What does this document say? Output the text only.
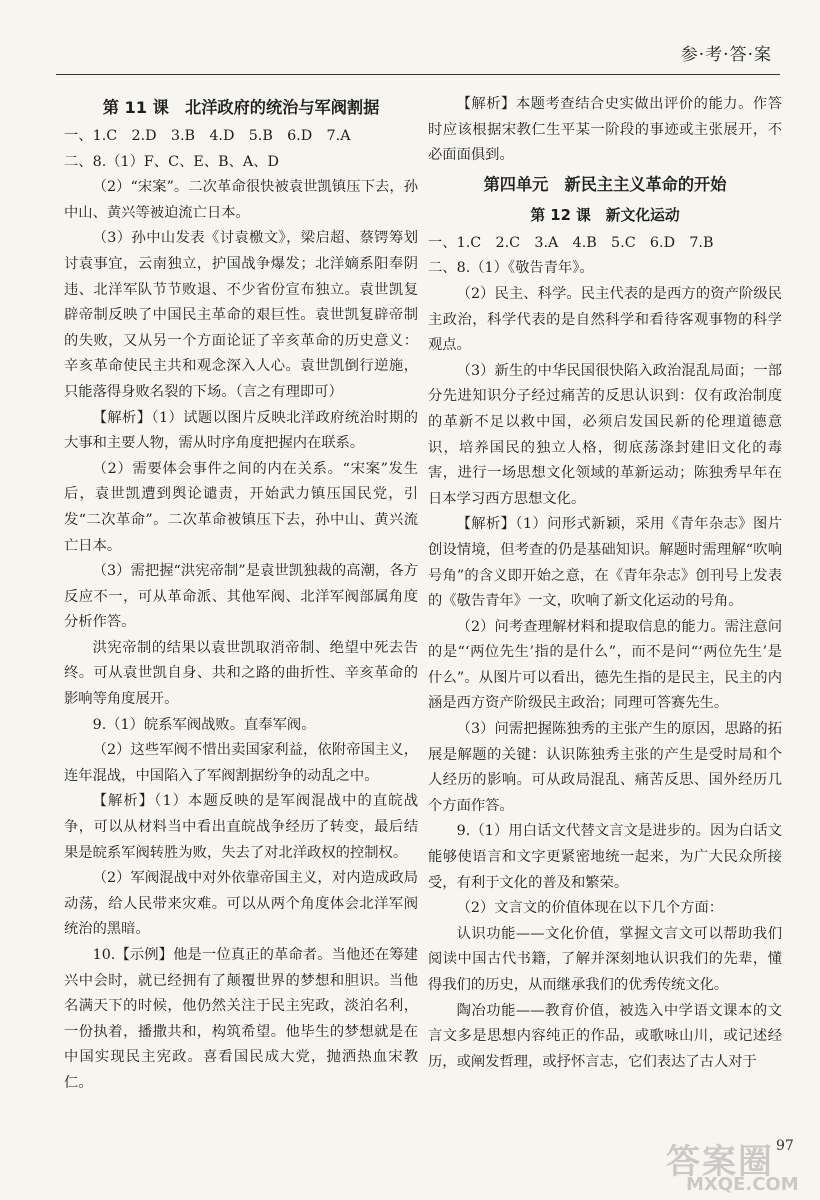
参·考·答·案
第 11 课　北洋政府的统治与军阀割据

一、1.C　2.D　3.B　4.D　5.B　6.D　7.A

二、8.（1）F、C、E、B、A、D

（2）“宋案”。二次革命很快被袁世凯镇压下去，孙中山、黄兴等被迫流亡日本。

（3）孙中山发表《讨袁檄文》，梁启超、蔡锷筹划讨袁事宜，云南独立，护国战争爆发；北洋嫡系阳奉阴违、北洋军队节节败退、不少省份宣布独立。袁世凯复辟帝制反映了中国民主革命的艰巨性。袁世凯复辟帝制的失败，又从另一个方面论证了辛亥革命的历史意义：辛亥革命使民主共和观念深入人心。袁世凯倒行逆施，只能落得身败名裂的下场。（言之有理即可）

【解析】（1）试题以图片反映北洋政府统治时期的大事和主要人物，需从时序角度把握内在联系。

（2）需要体会事件之间的内在关系。“宋案”发生后，袁世凯遭到舆论谴责，开始武力镇压国民党，引发“二次革命”。二次革命被镇压下去，孙中山、黄兴流亡日本。

（3）需把握“洪宪帝制”是袁世凯独裁的高潮，各方反应不一，可从革命派、其他军阀、北洋军阀部属角度分析作答。

洪宪帝制的结果以袁世凯取消帝制、绝望中死去告终。可从袁世凯自身、共和之路的曲折性、辛亥革命的影响等角度展开。

9.（1）皖系军阀战败。直奉军阀。

（2）这些军阀不惜出卖国家利益，依附帝国主义，连年混战，中国陷入了军阀割据纷争的动乱之中。

【解析】（1）本题反映的是军阀混战中的直皖战争，可以从材料当中看出直皖战争经历了转变，最后结果是皖系军阀转胜为败，失去了对北洋政权的控制权。

（2）军阀混战中对外依靠帝国主义，对内造成政局动荡，给人民带来灾难。可以从两个角度体会北洋军阀统治的黑暗。

10.【示例】他是一位真正的革命者。当他还在筹建兴中会时，就已经拥有了颠覆世界的梦想和胆识。当他名满天下的时候，他仍然关注于民主宪政，淡泊名利，一份执着，播撒共和，构筑希望。他毕生的梦想就是在中国实现民主宪政。喜看国民成大党，抛洒热血宋教仁。

【解析】本题考查结合史实做出评价的能力。作答时应该根据宋教仁生平某一阶段的事迹或主张展开，不必面面俱到。

第四单元　新民主主义革命的开始
第 12 课　新文化运动

一、1.C　2.C　3.A　4.B　5.C　6.D　7.B

二、8.（1）《敬告青年》。

（2）民主、科学。民主代表的是西方的资产阶级民主政治，科学代表的是自然科学和看待客观事物的科学观点。

（3）新生的中华民国很快陷入政治混乱局面；一部分先进知识分子经过痛苦的反思认识到：仅有政治制度的革新不足以救中国，必须启发国民新的伦理道德意识，培养国民的独立人格，彻底荡涤封建旧文化的毒害，进行一场思想文化领域的革新运动；陈独秀早年在日本学习西方思想文化。

【解析】（1）问形式新颖，采用《青年杂志》图片创设情境，但考查的仍是基础知识。解题时需理解“吹响号角”的含义即开始之意，在《青年杂志》创刊号上发表的《敬告青年》一文，吹响了新文化运动的号角。

（2）问考查理解材料和提取信息的能力。需注意问的是“‘两位先生’指的是什么”，而不是问“‘两位先生’是什么”。从图片可以看出，德先生指的是民主，民主的内涵是西方资产阶级民主政治；同理可答赛先生。

（3）问需把握陈独秀的主张产生的原因，思路的拓展是解题的关键：认识陈独秀主张的产生是受时局和个人经历的影响。可从政局混乱、痛苦反思、国外经历几个方面作答。

9.（1）用白话文代替文言文是进步的。因为白话文能够使语言和文字更紧密地统一起来，为广大民众所接受，有利于文化的普及和繁荣。

（2）文言文的价值体现在以下几个方面：

认识功能——文化价值，掌握文言文可以帮助我们阅读中国古代书籍，了解并深刻地认识我们的先辈，懂得我们的历史，从而继承我们的优秀传统文化。

陶冶功能——教育价值，被选入中学语文课本的文言文多是思想内容纯正的作品，或歌咏山川，或记述经历，或阐发哲理，或抒怀言志，它们表达了古人对于

97
答案圈
MXQE.COM
